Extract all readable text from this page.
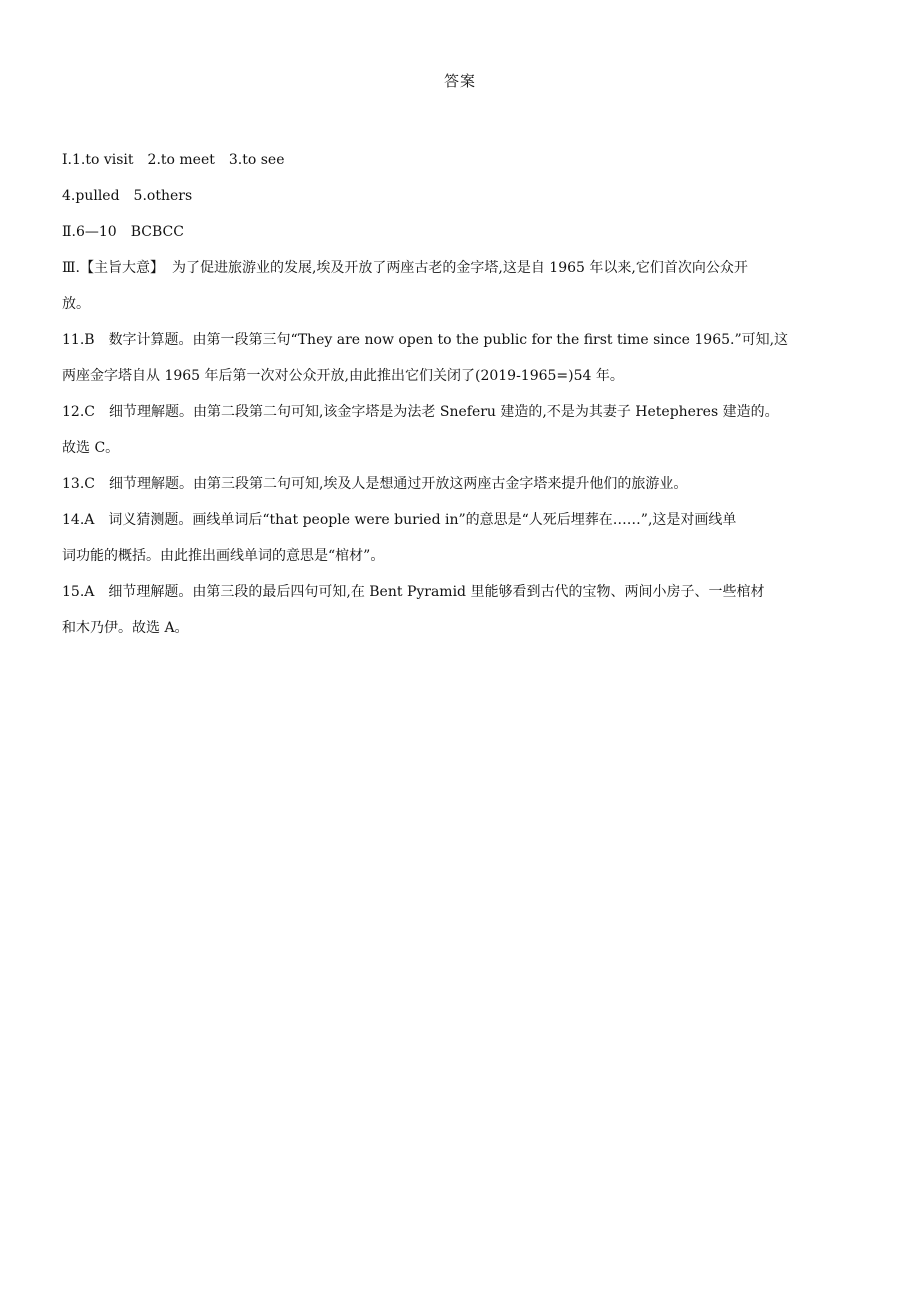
答案
Ⅰ.1.to visit 2.to meet 3.to see
4.pulled 5.others
Ⅱ.6—10 BCBCC
Ⅲ.【主旨大意】 为了促进旅游业的发展,埃及开放了两座古老的金字塔,这是自 1965 年以来,它们首次向公众开
放。
11.B 数字计算题。由第一段第三句“They are now open to the public for the first time since 1965.”可知,这
两座金字塔自从 1965 年后第一次对公众开放,由此推出它们关闭了(2019-1965=)54 年。
12.C 细节理解题。由第二段第二句可知,该金字塔是为法老 Sneferu 建造的,不是为其妻子 Hetepheres 建造的。
故选 C。
13.C 细节理解题。由第三段第二句可知,埃及人是想通过开放这两座古金字塔来提升他们的旅游业。
14.A 词义猜测题。画线单词后“that people were buried in”的意思是“人死后埋葬在……”,这是对画线单
词功能的概括。由此推出画线单词的意思是“棺材”。
15.A 细节理解题。由第三段的最后四句可知,在 Bent Pyramid 里能够看到古代的宝物、两间小房子、一些棺材
和木乃伊。故选 A。
